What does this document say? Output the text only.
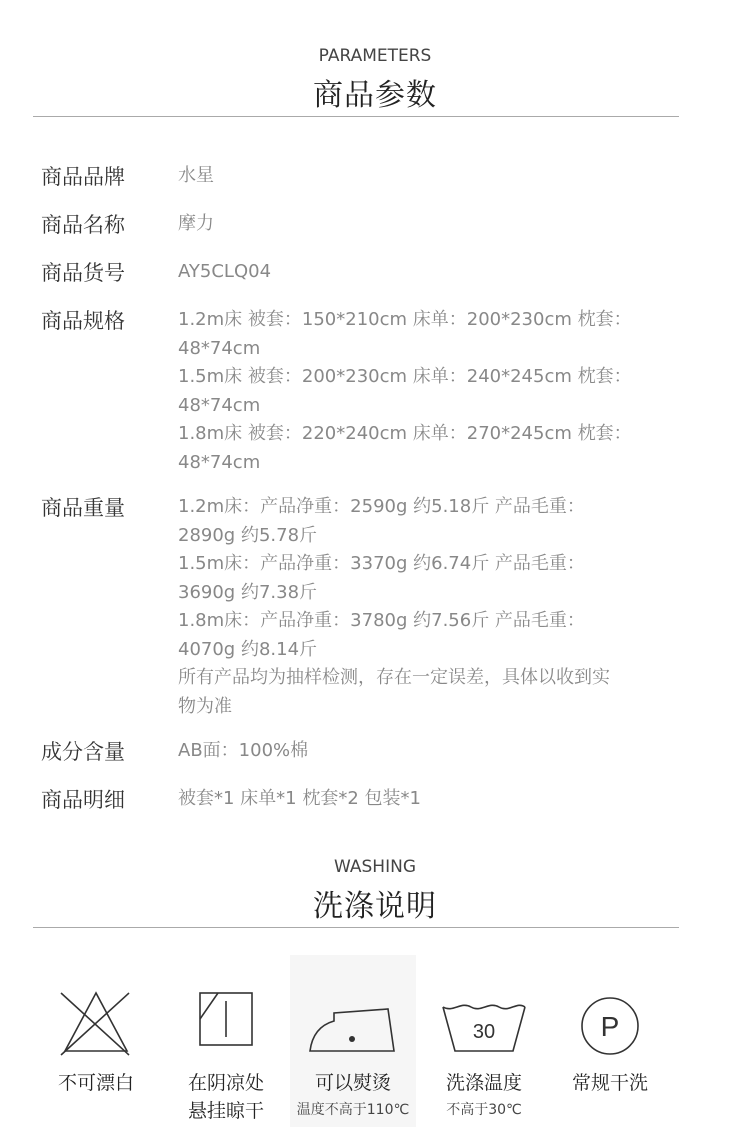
PARAMETERS
商品参数
商品品牌	水星
商品名称	摩力
商品货号	AY5CLQ04
商品规格	1.2m床 被套：150*210cm 床单：200*230cm 枕套：
48*74cm
1.5m床 被套：200*230cm 床单：240*245cm 枕套：
48*74cm
1.8m床 被套：220*240cm 床单：270*245cm 枕套：
48*74cm
商品重量	1.2m床：产品净重：2590g 约5.18斤 产品毛重：
2890g 约5.78斤
1.5m床：产品净重：3370g 约6.74斤 产品毛重：
3690g 约7.38斤
1.8m床：产品净重：3780g 约7.56斤 产品毛重：
4070g 约8.14斤
所有产品均为抽样检测，存在一定误差，具体以收到实
物为准
成分含量	AB面：100%棉
商品明细	被套*1 床单*1 枕套*2 包装*1
WASHING
洗涤说明
不可漂白	在阴凉处
悬挂晾干
可以熨烫
温度不高于110℃
30
洗涤温度
不高于30℃
P
常规干洗
